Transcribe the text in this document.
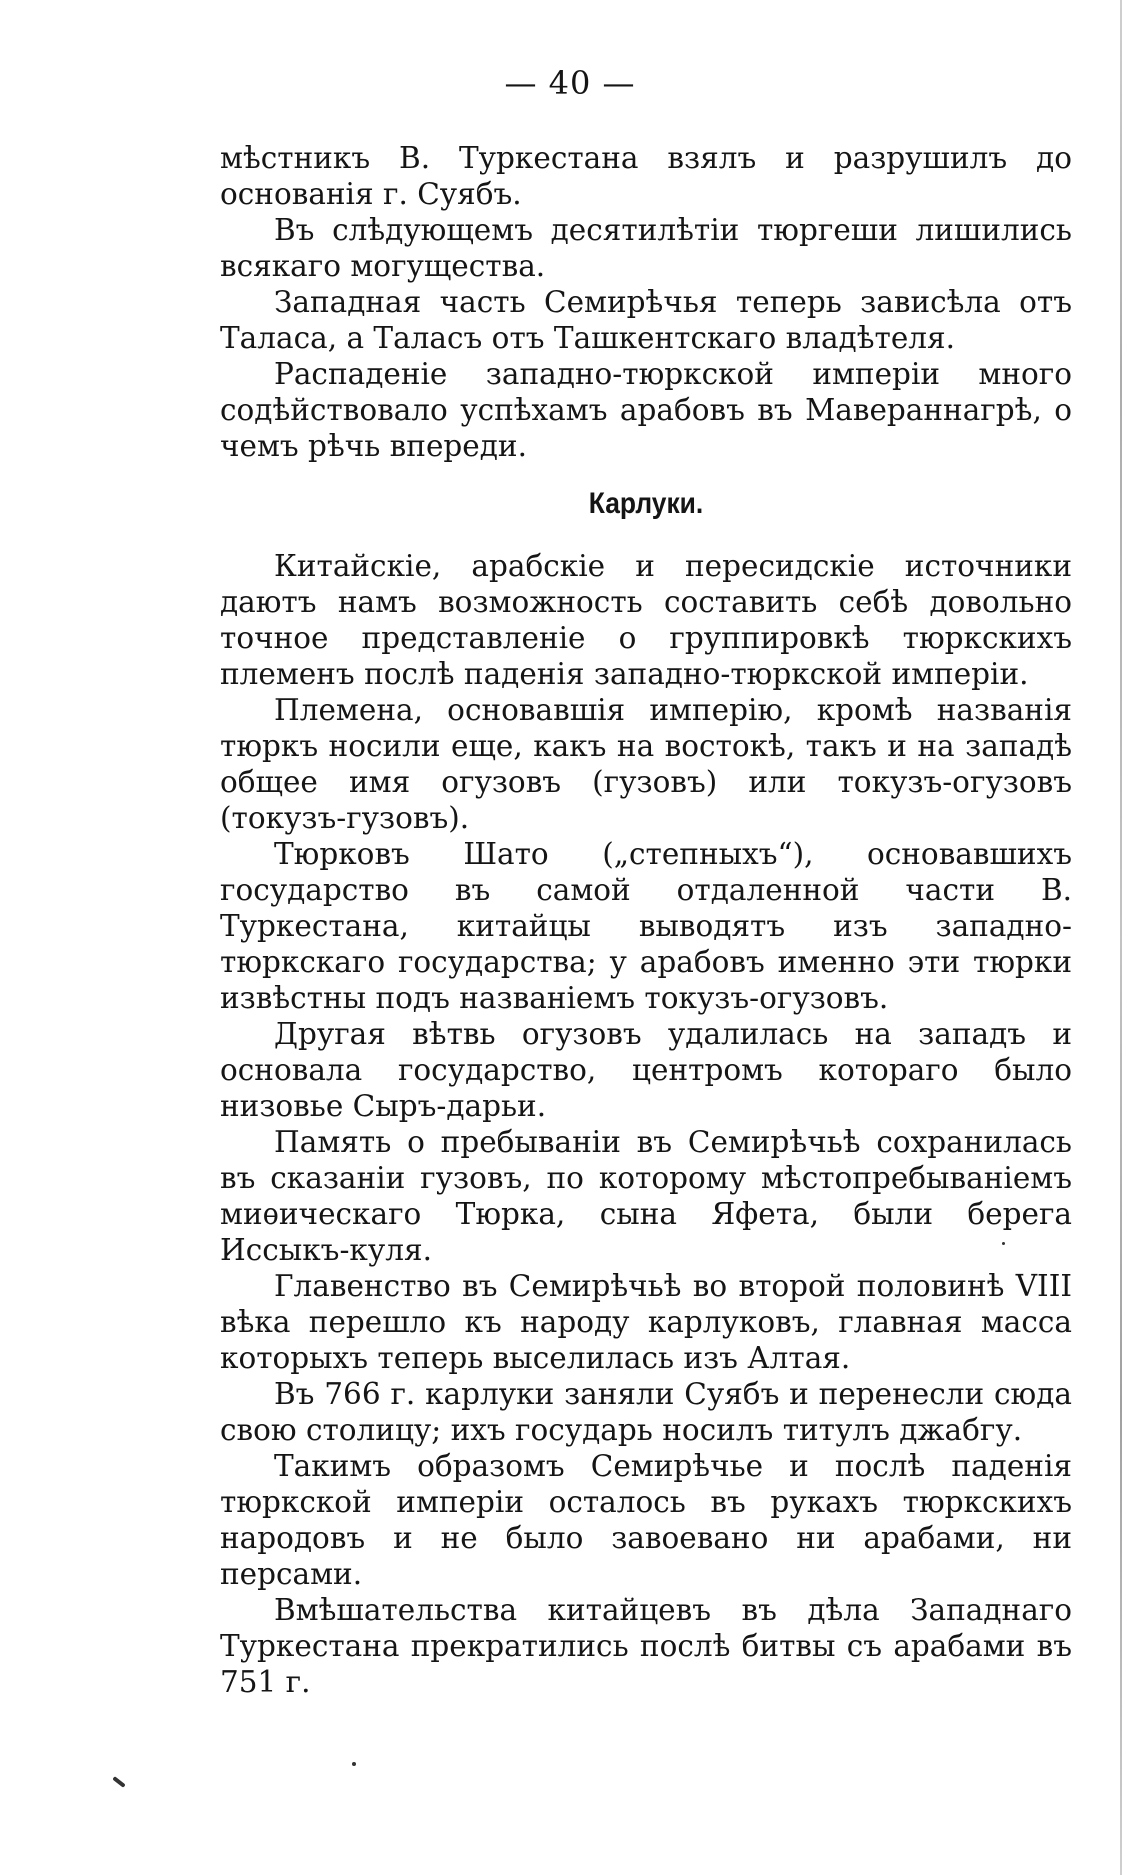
— 40 —

мѣстникъ В. Туркестана взялъ и разрушилъ до основанія г. Суябъ.

Въ слѣдующемъ десятилѣтіи тюргеши лишились всякаго могущества.

Западная часть Семирѣчья теперь зависѣла отъ Таласа, а Таласъ отъ Ташкентскаго владѣтеля.

Распаденіе западно-тюркской имперіи много содѣйствовало успѣхамъ арабовъ въ Мавераннагрѣ, о чемъ рѣчь впереди.

Карлуки.

Китайскіе, арабскіе и пересидскіе источники даютъ намъ возможность составить себѣ довольно точное представленіе о группировкѣ тюркскихъ племенъ послѣ паденія западно-тюркской имперіи.

Племена, основавшія имперію, кромѣ названія тюркъ носили еще, какъ на востокѣ, такъ и на западѣ общее имя огузовъ (гузовъ) или токузъ-огузовъ (токузъ-гузовъ).

Тюрковъ Шато („степныхъ“), основавшихъ государство въ самой отдаленной части В. Туркестана, китайцы выводятъ изъ западно-тюркскаго государства; у арабовъ именно эти тюрки извѣстны подъ названіемъ токузъ-огузовъ.

Другая вѣтвь огузовъ удалилась на западъ и основала государство, центромъ котораго было низовье Сыръ-дарьи.

Память о пребываніи въ Семирѣчьѣ сохранилась въ сказаніи гузовъ, по которому мѣстопребываніемъ миѳическаго Тюрка, сына Яфета, были берега Иссыкъ-куля.

Главенство въ Семирѣчьѣ во второй половинѣ VIII вѣка перешло къ народу карлуковъ, главная масса которыхъ теперь выселилась изъ Алтая.

Въ 766 г. карлуки заняли Суябъ и перенесли сюда свою столицу; ихъ государь носилъ титулъ джабгу.

Такимъ образомъ Семирѣчье и послѣ паденія тюркской имперіи осталось въ рукахъ тюркскихъ народовъ и не было завоевано ни арабами, ни персами.

Вмѣшательства китайцевъ въ дѣла Западнаго Туркестана прекратились послѣ битвы съ арабами въ 751 г.
